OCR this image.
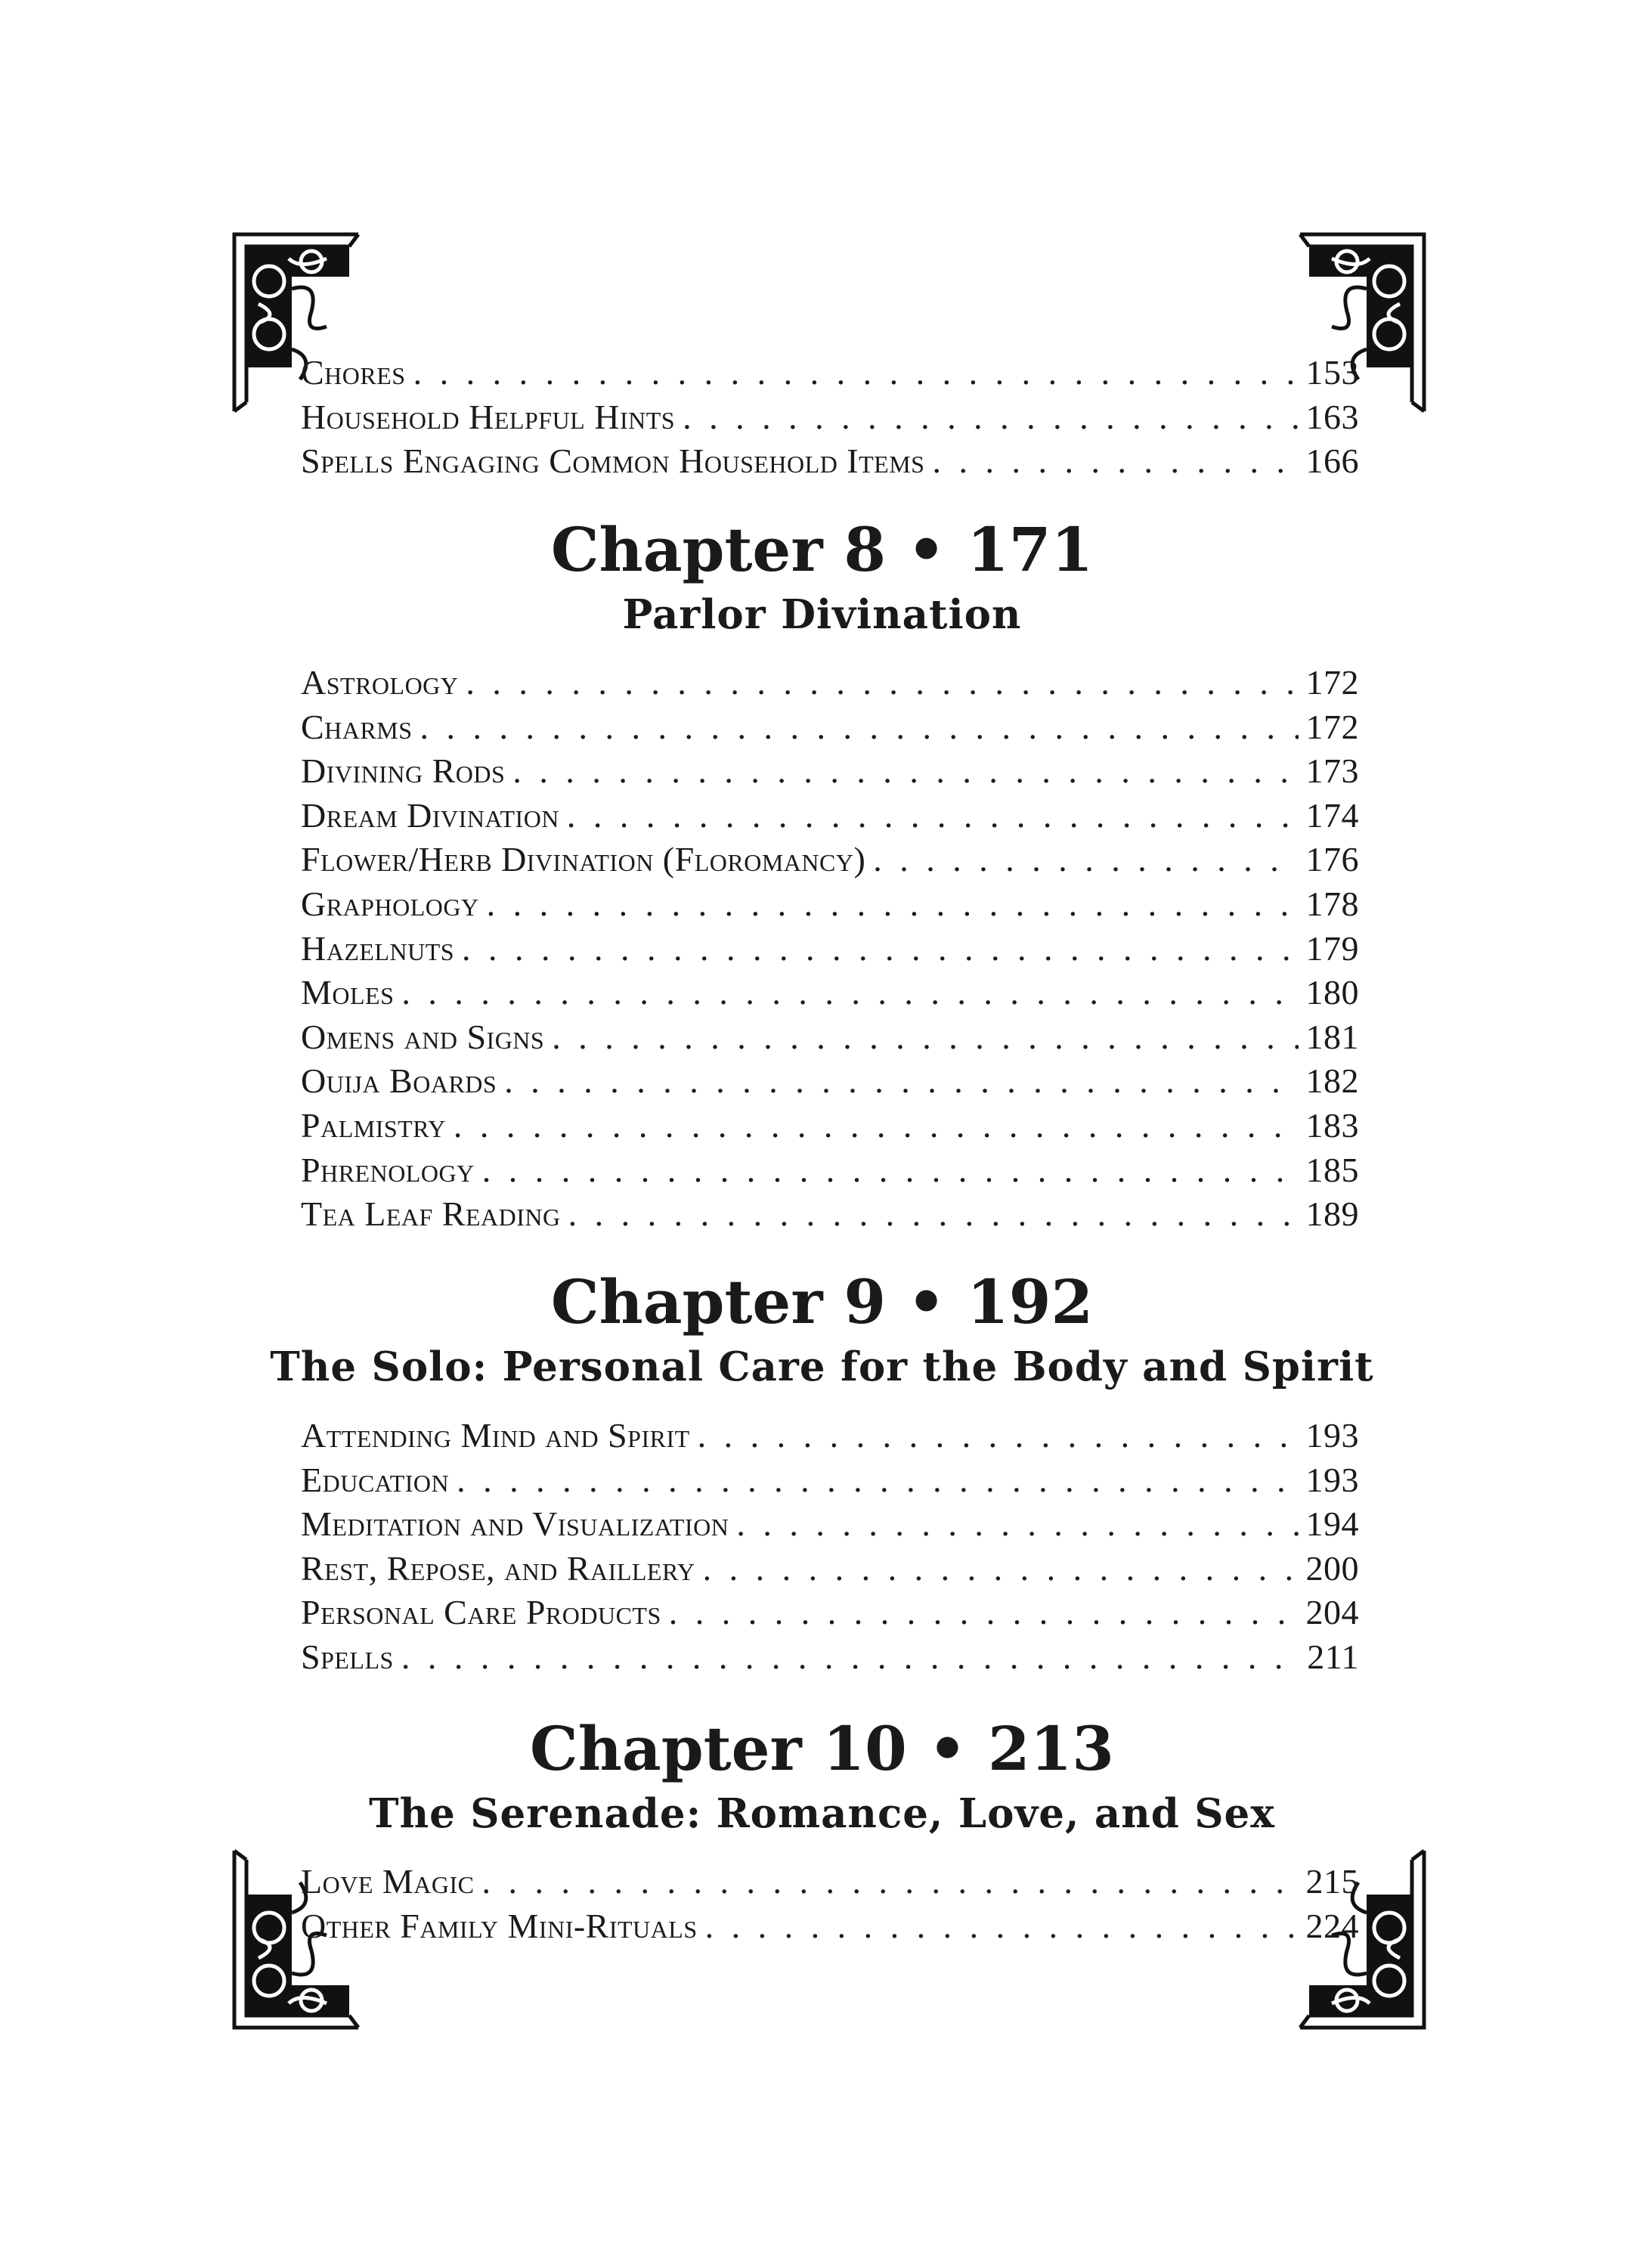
Chores . . .	153
Household Helpful Hints . . .	163
Spells Engaging Common Household Items . . .	166
Chapter 8 • 171
Parlor Divination
Astrology . . .	172
Charms . . .	172
Divining Rods . . .	173
Dream Divination . . .	174
Flower/Herb Divination (Floromancy) . . .	176
Graphology . . .	178
Hazelnuts . . .	179
Moles . . .	180
Omens and Signs . . .	181
Ouija Boards . . .	182
Palmistry . . .	183
Phrenology . . .	185
Tea Leaf Reading . . .	189
Chapter 9 • 192
The Solo: Personal Care for the Body and Spirit
Attending Mind and Spirit . . .	193
Education . . .	193
Meditation and Visualization . . .	194
Rest, Repose, and Raillery . . .	200
Personal Care Products . . .	204
Spells . . .	211
Chapter 10 • 213
The Serenade: Romance, Love, and Sex
Love Magic . . .	215
Other Family Mini-Rituals . . .	224
